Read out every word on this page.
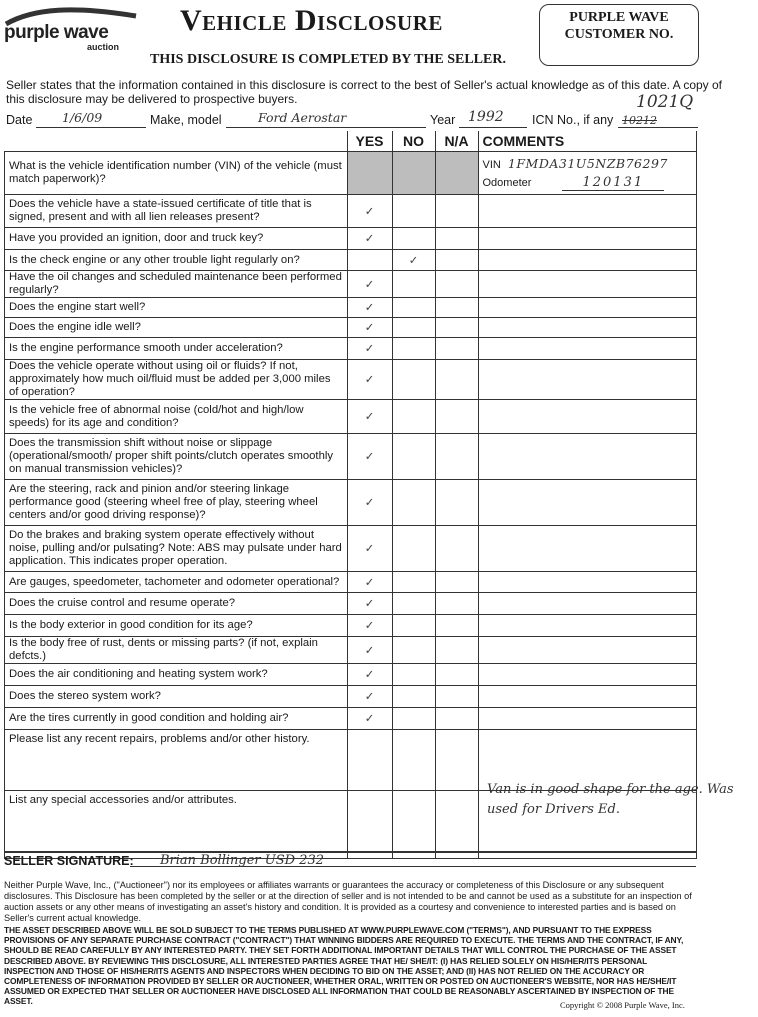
purple wave
auction
Vehicle Disclosure
THIS DISCLOSURE IS COMPLETED BY THE SELLER.
PURPLE WAVE
CUSTOMER NO.
Seller states that the information contained in this disclosure is correct to the best of Seller's actual knowledge as of this date. A copy of this disclosure may be delivered to prospective buyers.
Date 1/6/09	Make, model	Ford Aerostar	Year 1992 ICN No., if any 10212
1021Q
	YES	NO	N/A	COMMENTS
What is the vehicle identification number (VIN) of the vehicle (must match paperwork)?				VIN 1FMDA31U5NZB76297
Odometer 120131

Does the vehicle have a state-issued certificate of title that is signed, present and with all lien releases present?	✓			
Have you provided an ignition, door and truck key?	✓			
Is the check engine or any other trouble light regularly on?		✓		
Have the oil changes and scheduled maintenance been performed regularly?	✓			
Does the engine start well?	✓			
Does the engine idle well?	✓			
Is the engine performance smooth under acceleration?	✓			
Does the vehicle operate without using oil or fluids? If not, approximately how much oil/fluid must be added per 3,000 miles of operation?	✓			
Is the vehicle free of abnormal noise (cold/hot and high/low speeds) for its age and condition?	✓			
Does the transmission shift without noise or slippage (operational/smooth/ proper shift points/clutch operates smoothly on manual transmission vehicles)?	✓			
Are the steering, rack and pinion and/or steering linkage performance good (steering wheel free of play, steering wheel centers and/or good driving response)?	✓			
Do the brakes and braking system operate effectively without noise, pulling and/or pulsating? Note: ABS may pulsate under hard application. This indicates proper operation.	✓			
Are gauges, speedometer, tachometer and odometer operational?	✓			
Does the cruise control and resume operate?	✓			
Is the body exterior in good condition for its age?	✓			
Is the body free of rust, dents or missing parts? (if not, explain defcts.)	✓			
Does the air conditioning and heating system work?	✓			
Does the stereo system work?	✓			
Are the tires currently in good condition and holding air?	✓			
Please list any recent repairs, problems and/or other history.				
List any special accessories and/or attributes.				
Van is in good shape for the age. Was used for Drivers Ed.
SELLER SIGNATURE: Brian Bollinger USD 232
Neither Purple Wave, Inc., ("Auctioneer") nor its employees or affiliates warrants or guarantees the accuracy or completeness of this Disclosure or any subsequent disclosures. This Disclosure has been completed by the seller or at the direction of seller and is not intended to be and cannot be used as a substitute for an inspection of auction assets or any other means of investigating an asset's history and condition. It is provided as a courtesy and convenience to interested parties and is based on Seller's current actual knowledge.
THE ASSET DESCRIBED ABOVE WILL BE SOLD SUBJECT TO THE TERMS PUBLISHED AT WWW.PURPLEWAVE.COM ("TERMS"), AND PURSUANT TO THE EXPRESS PROVISIONS OF ANY SEPARATE PURCHASE CONTRACT ("CONTRACT") THAT WINNING BIDDERS ARE REQUIRED TO EXECUTE. THE TERMS AND THE CONTRACT, IF ANY, SHOULD BE READ CAREFULLY BY ANY INTERESTED PARTY. THEY SET FORTH ADDITIONAL IMPORTANT DETAILS THAT WILL CONTROL THE PURCHASE OF THE ASSET DESCRIBED ABOVE. BY REVIEWING THIS DISCLOSURE, ALL INTERESTED PARTIES AGREE THAT HE/ SHE/IT: (I) HAS RELIED SOLELY ON HIS/HER/ITS PERSONAL INSPECTION AND THOSE OF HIS/HER/ITS AGENTS AND INSPECTORS WHEN DECIDING TO BID ON THE ASSET; AND (II) HAS NOT RELIED ON THE ACCURACY OR COMPLETENESS OF INFORMATION PROVIDED BY SELLER OR AUCTIONEER, WHETHER ORAL, WRITTEN OR POSTED ON AUCTIONEER'S WEBSITE, NOR HAS HE/SHE/IT ASSUMED OR EXPECTED THAT SELLER OR AUCTIONEER HAVE DISCLOSED ALL INFORMATION THAT COULD BE REASONABLY ASCERTAINED BY INSPECTION OF THE ASSET.	Copyright © 2008 Purple Wave, Inc.
